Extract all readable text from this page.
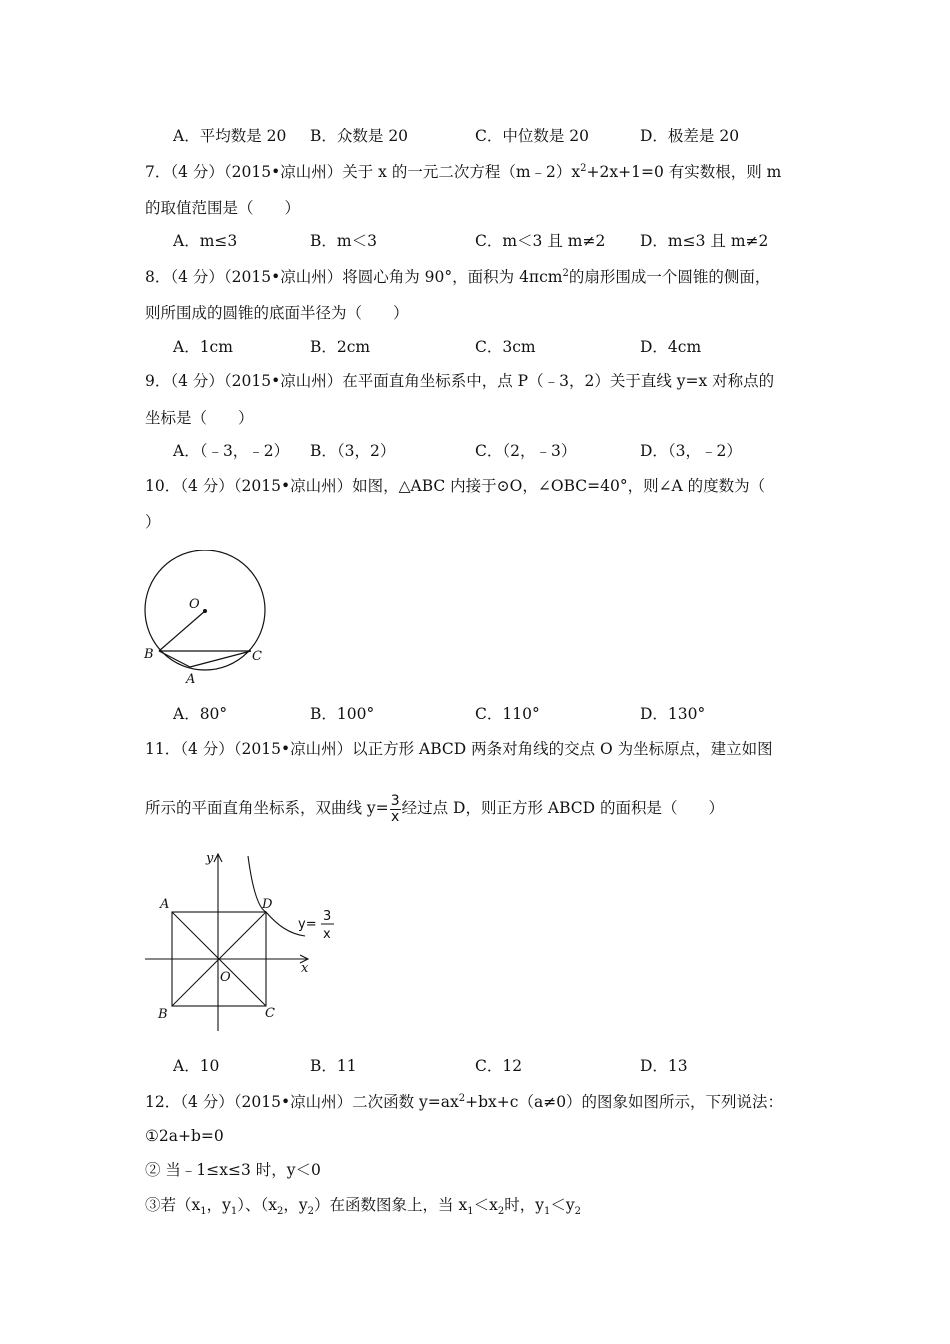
A．平均数是 20 B．众数是 20	C．中位数是 20	D．极差是 20
7．（4 分）（2015•凉山州）关于 x 的一元二次方程$(m﹣2)x^2+2x+1=0$ 有实数根，则 m
的取值范围是（　　）
A．m≤3	B．m＜3	C．m＜3 且 m≠2 D．m≤3 且 m≠2
8．（4 分）（2015•凉山州）将圆心角为 90°，面积为 4πcm$^2$的扇形围成一个圆锥的侧面，
则所围成的圆锥的底面半径为（　　）
A．1cm	B．2cm	C．3cm	D．4cm
9．（4 分）（2015•凉山州）在平面直角坐标系中，点 P（﹣3，2）关于直线 y=x 对称点的
坐标是（　　）
A．（﹣3，﹣2） B．（3，2）	C．（2，﹣3）	D．（3，﹣2）
10．（4 分）（2015•凉山州）如图，△ABC 内接于⊙O，∠OBC=40°，则∠A 的度数为（
）
O
B	C
A
A．80°	B．100°	C．110°	D．130°
11．（4 分）（2015•凉山州）以正方形 ABCD 两条对角线的交点 O 为坐标原点，建立如图
所示的平面直角坐标系，双曲线 $y= \frac{3}{x}$ 经过点 D，则正方形 ABCD 的面积是（　　）
y
x
A	D
B	C
O
y=
3
x
A．10	B．11	C．12	D．13
12．（4 分）（2015•凉山州）二次函数 $y=ax^2+bx+c(a\ne 0)$的图象如图所示，下列说法：
①2a+b=0
② 当﹣1≤x≤3 时，y＜0
③若（$x_1$，$y_1$）、（$x_2$，$y_2$）在函数图象上，当 $x_1<x_2$时，$y_1<y_2$
